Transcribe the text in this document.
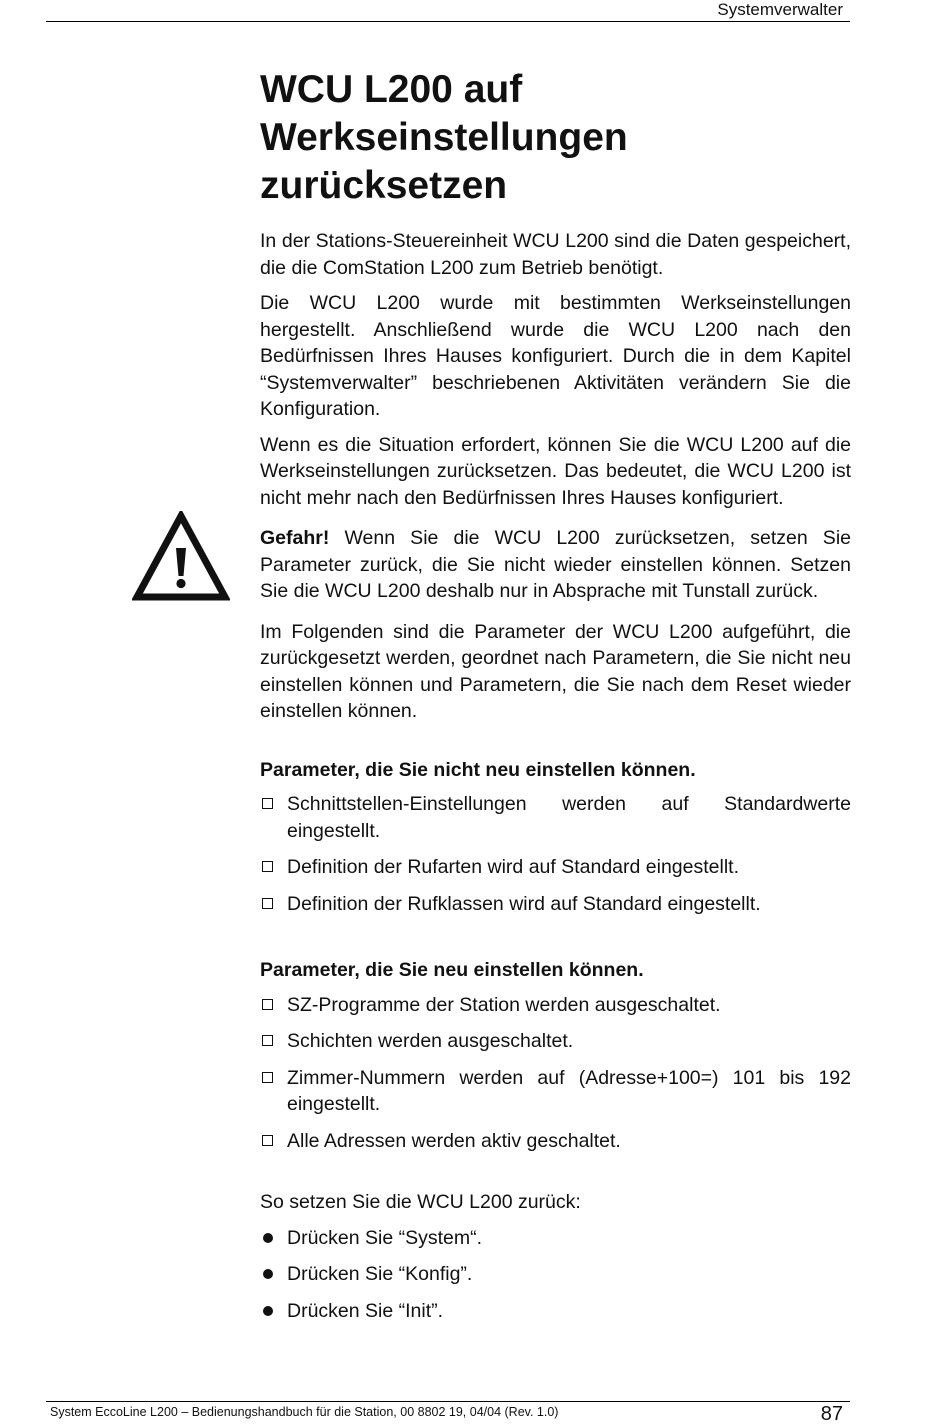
Systemverwalter
WCU L200 auf
Werkseinstellungen
zurücksetzen

In der Stations-Steuereinheit WCU L200 sind die Daten gespeichert, die die ComStation L200 zum Betrieb benötigt.

Die WCU L200 wurde mit bestimmten Werkseinstellungen hergestellt. Anschließend wurde die WCU L200 nach den Bedürfnissen Ihres Hauses konfiguriert. Durch die in dem Kapitel “Systemverwalter” beschriebenen Aktivitäten verändern Sie die Konfiguration.

Wenn es die Situation erfordert, können Sie die WCU L200 auf die Werkseinstellungen zurücksetzen. Das bedeutet, die WCU L200 ist nicht mehr nach den Bedürfnissen Ihres Hauses konfiguriert.

Gefahr! Wenn Sie die WCU L200 zurücksetzen, setzen Sie Parameter zurück, die Sie nicht wieder einstellen können. Setzen Sie die WCU L200 deshalb nur in Absprache mit Tunstall zurück.

Im Folgenden sind die Parameter der WCU L200 aufgeführt, die zurückgesetzt werden, geordnet nach Parametern, die Sie nicht neu einstellen können und Parametern, die Sie nach dem Reset wieder einstellen können.

Parameter, die Sie nicht neu einstellen können.
Schnittstellen-Einstellungen werden auf Standardwerte eingestellt.
Definition der Rufarten wird auf Standard eingestellt.
Definition der Rufklassen wird auf Standard eingestellt.
Parameter, die Sie neu einstellen können.
SZ-Programme der Station werden ausgeschaltet.
Schichten werden ausgeschaltet.
Zimmer-Nummern werden auf (Adresse+100=) 101 bis 192 eingestellt.
Alle Adressen werden aktiv geschaltet.

So setzen Sie die WCU L200 zurück:

Drücken Sie “System“.
Drücken Sie “Konfig”.
Drücken Sie “Init”.
System EccoLine L200 – Bedienungshandbuch für die Station, 00 8802 19, 04/04 (Rev. 1.0)	87
